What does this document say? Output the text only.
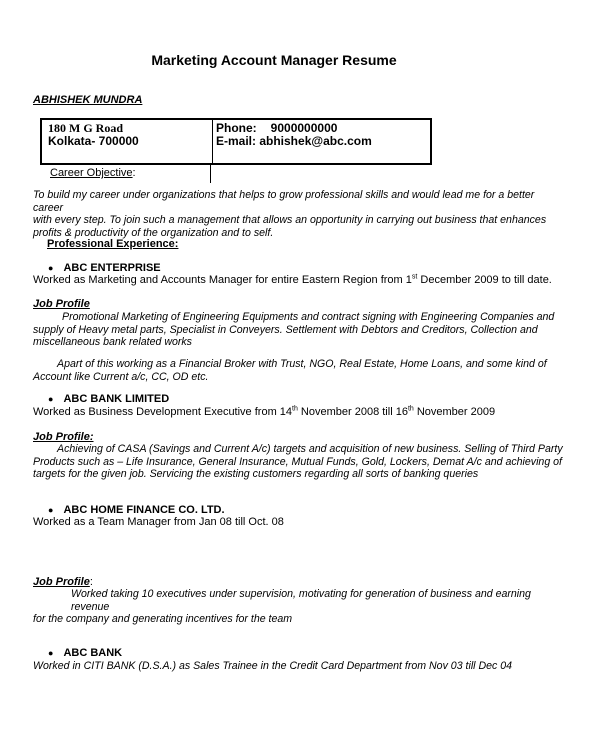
Marketing Account Manager Resume
ABHISHEK MUNDRA
180 M G Road
Kolkata- 700000
Phone: 9000000000
E-mail: abhishek@abc.com
Career Objective:
To build my career under organizations that helps to grow professional skills and would lead me for a better career
with every step. To join such a management that allows an opportunity in carrying out business that enhances
profits & productivity of the organization and to self.
Professional Experience:
● ABC ENTERPRISE
Worked as Marketing and Accounts Manager for entire Eastern Region from 1st December 2009 to till date.
Job Profile
Promotional Marketing of Engineering Equipments and contract signing with Engineering Companies and
supply of Heavy metal parts, Specialist in Conveyers. Settlement with Debtors and Creditors, Collection and
miscellaneous bank related works
Apart of this working as a Financial Broker with Trust, NGO, Real Estate, Home Loans, and some kind of
Account like Current a/c, CC, OD etc.
● ABC BANK LIMITED
Worked as Business Development Executive from 14th November 2008 till 16th November 2009
Job Profile:
Achieving of CASA (Savings and Current A/c) targets and acquisition of new business. Selling of Third Party
Products such as – Life Insurance, General Insurance, Mutual Funds, Gold, Lockers, Demat A/c and achieving of
targets for the given job. Servicing the existing customers regarding all sorts of banking queries
● ABC HOME FINANCE CO. LTD.
Worked as a Team Manager from Jan 08 till Oct. 08
Job Profile:
Worked taking 10 executives under supervision, motivating for generation of business and earning revenue
for the company and generating incentives for the team
● ABC BANK
Worked in CITI BANK (D.S.A.) as Sales Trainee in the Credit Card Department from Nov 03 till Dec 04
